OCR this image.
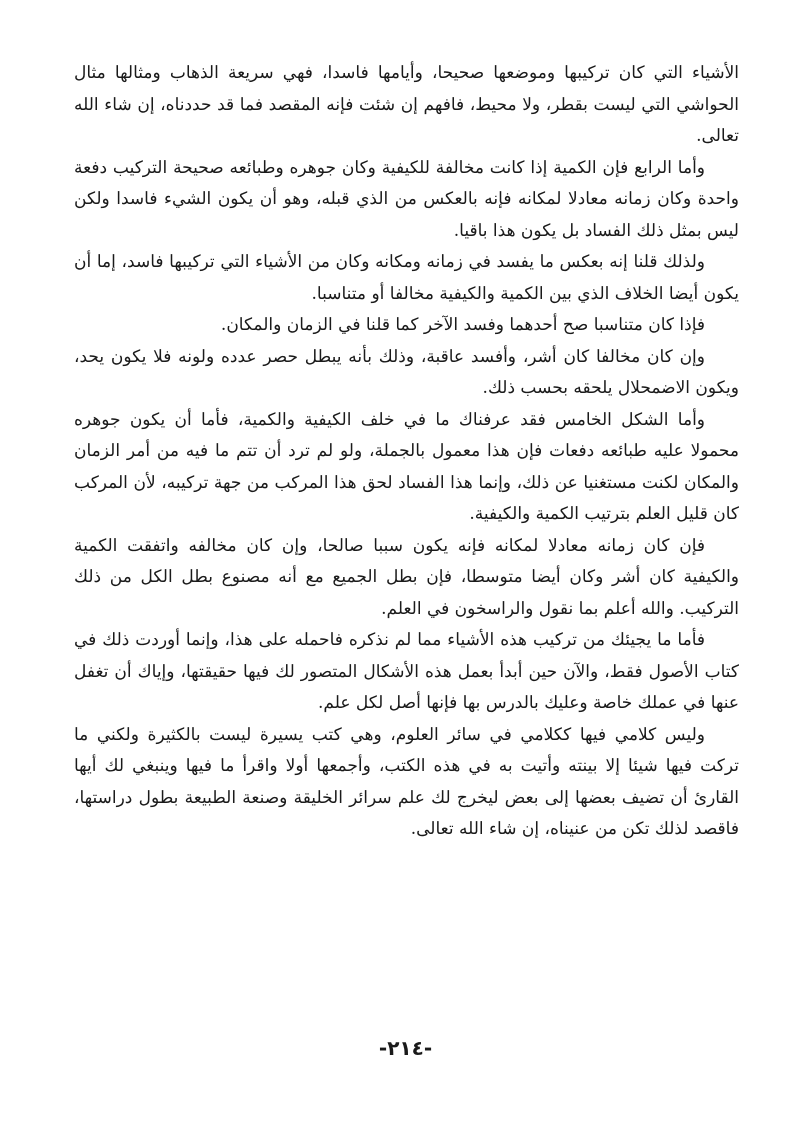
الأشياء التي كان تركيبها وموضعها صحيحا، وأيامها فاسدا، فهي سريعة الذهاب ومثالها مثال الحواشي التي ليست بقطر، ولا محيط، فافهم إن شئت فإنه المقصد فما قد حددناه، إن شاء الله تعالى.

وأما الرابع فإن الكمية إذا كانت مخالفة للكيفية وكان جوهره وطبائعه صحيحة التركيب دفعة واحدة وكان زمانه معادلا لمكانه فإنه بالعكس من الذي قبله، وهو أن يكون الشيء فاسدا ولكن ليس بمثل ذلك الفساد بل يكون هذا باقيا.

ولذلك قلنا إنه بعكس ما يفسد في زمانه ومكانه وكان من الأشياء التي تركيبها فاسد، إما أن يكون أيضا الخلاف الذي بين الكمية والكيفية مخالفا أو متناسبا.

فإذا كان متناسبا صح أحدهما وفسد الآخر كما قلنا في الزمان والمكان.

وإن كان مخالفا كان أشر، وأفسد عاقبة، وذلك بأنه يبطل حصر عدده ولونه فلا يكون يحد، ويكون الاضمحلال يلحقه بحسب ذلك.

وأما الشكل الخامس فقد عرفناك ما في خلف الكيفية والكمية، فأما أن يكون جوهره محمولا عليه طبائعه دفعات فإن هذا معمول بالجملة، ولو لم ترد أن تتم ما فيه من أمر الزمان والمكان لكنت مستغنيا عن ذلك، وإنما هذا الفساد لحق هذا المركب من جهة تركيبه، لأن المركب كان قليل العلم بترتيب الكمية والكيفية.

فإن كان زمانه معادلا لمكانه فإنه يكون سببا صالحا، وإن كان مخالفه واتفقت الكمية والكيفية كان أشر وكان أيضا متوسطا، فإن بطل الجميع مع أنه مصنوع بطل الكل من ذلك التركيب. والله أعلم بما نقول والراسخون في العلم.

فأما ما يجيئك من تركيب هذه الأشياء مما لم نذكره فاحمله على هذا، وإنما أوردت ذلك في كتاب الأصول فقط، والآن حين أبدأ بعمل هذه الأشكال المتصور لك فيها حقيقتها، وإياك أن تغفل عنها في عملك خاصة وعليك بالدرس بها فإنها أصل لكل علم.

وليس كلامي فيها ككلامي في سائر العلوم، وهي كتب يسيرة ليست بالكثيرة ولكني ما تركت فيها شيئا إلا بينته وأتيت به في هذه الكتب، وأجمعها أولا واقرأ ما فيها وينبغي لك أيها القارئ أن تضيف بعضها إلى بعض ليخرج لك علم سرائر الخليقة وصنعة الطبيعة بطول دراستها، فاقصد لذلك تكن من عنيناه، إن شاء الله تعالى.

-٢١٤-
